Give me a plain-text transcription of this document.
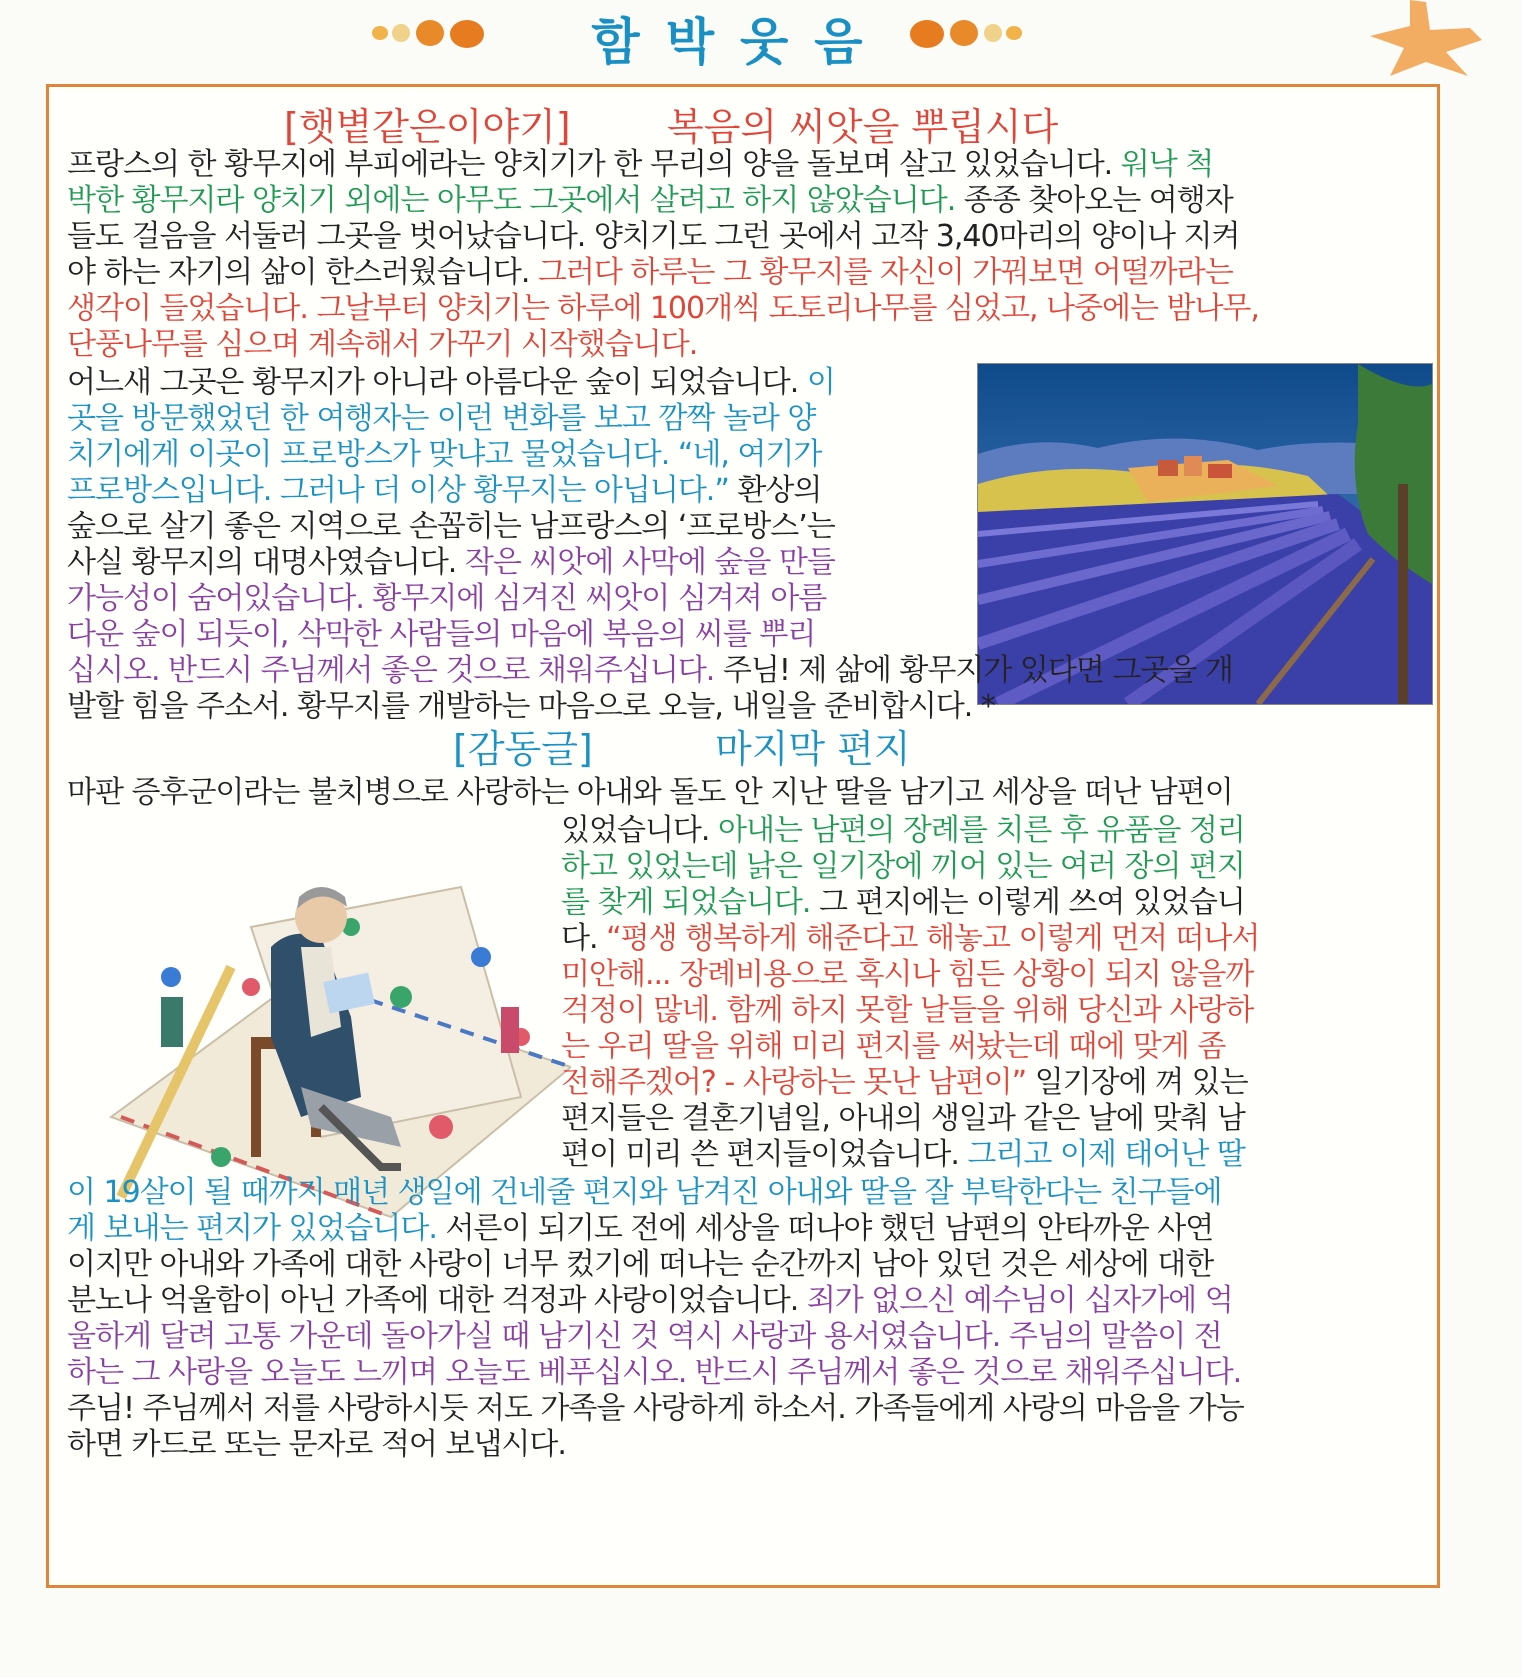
함박웃음
[햇볕같은이야기]	복음의 씨앗을 뿌립시다
프랑스의 한 황무지에 부피에라는 양치기가 한 무리의 양을 돌보며 살고 있었습니다. 워낙 척
박한 황무지라 양치기 외에는 아무도 그곳에서 살려고 하지 않았습니다. 종종 찾아오는 여행자
들도 걸음을 서둘러 그곳을 벗어났습니다. 양치기도 그런 곳에서 고작 3,40마리의 양이나 지켜
야 하는 자기의 삶이 한스러웠습니다. 그러다 하루는 그 황무지를 자신이 가꿔보면 어떨까라는
생각이 들었습니다. 그날부터 양치기는 하루에 100개씩 도토리나무를 심었고, 나중에는 밤나무,
단풍나무를 심으며 계속해서 가꾸기 시작했습니다.
어느새 그곳은 황무지가 아니라 아름다운 숲이 되었습니다. 이
곳을 방문했었던 한 여행자는 이런 변화를 보고 깜짝 놀라 양
치기에게 이곳이 프로방스가 맞냐고 물었습니다. “네, 여기가
프로방스입니다. 그러나 더 이상 황무지는 아닙니다.” 환상의
숲으로 살기 좋은 지역으로 손꼽히는 남프랑스의 ‘프로방스’는
사실 황무지의 대명사였습니다. 작은 씨앗에 사막에 숲을 만들
가능성이 숨어있습니다. 황무지에 심겨진 씨앗이 심겨져 아름
다운 숲이 되듯이, 삭막한 사람들의 마음에 복음의 씨를 뿌리
십시오. 반드시 주님께서 좋은 것으로 채워주십니다. 주님! 제 삶에 황무지가 있다면 그곳을 개
발할 힘을 주소서. 황무지를 개발하는 마음으로 오늘, 내일을 준비합시다. *
[감동글]	마지막 편지
마판 증후군이라는 불치병으로 사랑하는 아내와 돌도 안 지난 딸을 남기고 세상을 떠난 남편이
있었습니다. 아내는 남편의 장례를 치른 후 유품을 정리
하고 있었는데 낡은 일기장에 끼어 있는 여러 장의 편지
를 찾게 되었습니다. 그 편지에는 이렇게 쓰여 있었습니
다. “평생 행복하게 해준다고 해놓고 이렇게 먼저 떠나서
미안해... 장례비용으로 혹시나 힘든 상황이 되지 않을까
걱정이 많네. 함께 하지 못할 날들을 위해 당신과 사랑하
는 우리 딸을 위해 미리 편지를 써놨는데 때에 맞게 좀
전해주겠어? - 사랑하는 못난 남편이” 일기장에 껴 있는
편지들은 결혼기념일, 아내의 생일과 같은 날에 맞춰 남
편이 미리 쓴 편지들이었습니다. 그리고 이제 태어난 딸
이 19살이 될 때까지 매년 생일에 건네줄 편지와 남겨진 아내와 딸을 잘 부탁한다는 친구들에
게 보내는 편지가 있었습니다. 서른이 되기도 전에 세상을 떠나야 했던 남편의 안타까운 사연
이지만 아내와 가족에 대한 사랑이 너무 컸기에 떠나는 순간까지 남아 있던 것은 세상에 대한
분노나 억울함이 아닌 가족에 대한 걱정과 사랑이었습니다. 죄가 없으신 예수님이 십자가에 억
울하게 달려 고통 가운데 돌아가실 때 남기신 것 역시 사랑과 용서였습니다. 주님의 말씀이 전
하는 그 사랑을 오늘도 느끼며 오늘도 베푸십시오. 반드시 주님께서 좋은 것으로 채워주십니다.
주님! 주님께서 저를 사랑하시듯 저도 가족을 사랑하게 하소서. 가족들에게 사랑의 마음을 가능
하면 카드로 또는 문자로 적어 보냅시다.
